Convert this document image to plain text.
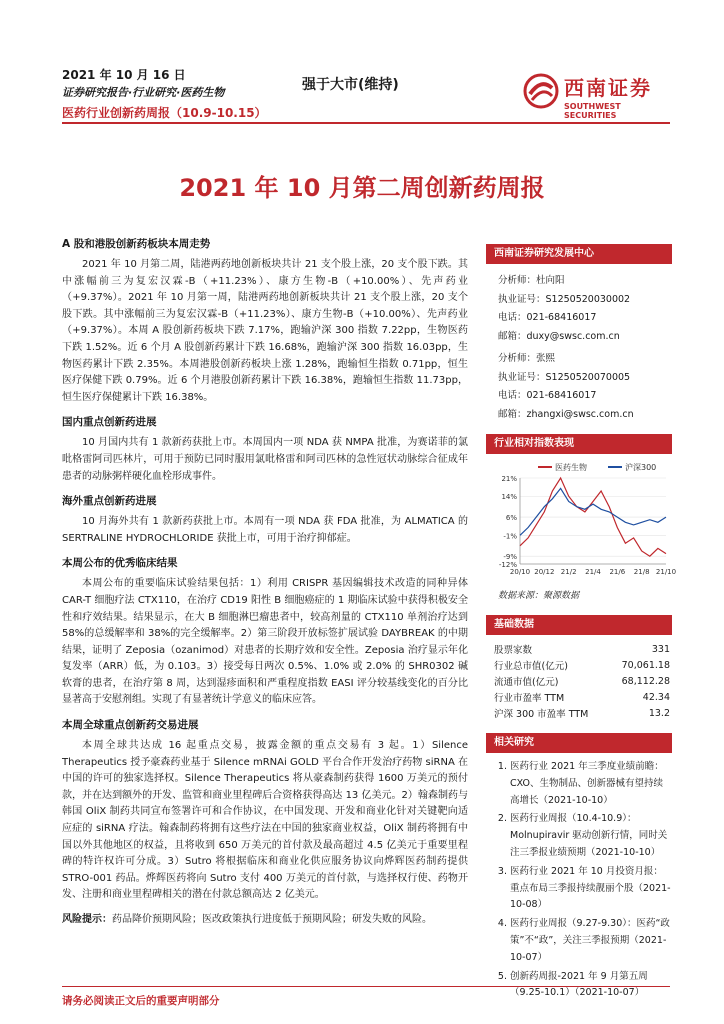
2021 年 10 月 16 日
证券研究报告·行业研究·医药生物
医药行业创新药周报（10.9-10.15）
强于大市(维持)	西南证券
SOUTHWEST SECURITIES
2021 年 10 月第二周创新药周报
A 股和港股创新药板块本周走势

2021 年 10 月第二周，陆港两药地创新板块共计 21 支个股上涨，20 支个股下跌。其中涨幅前三为复宏汉霖-B（+11.23%）、康方生物-B（+10.00%）、先声药业（+9.37%）。2021 年 10 月第一周，陆港两药地创新板块共计 21 支个股上涨，20 支个股下跌。其中涨幅前三为复宏汉霖-B（+11.23%）、康方生物-B（+10.00%）、先声药业（+9.37%）。本周 A 股创新药板块下跌 7.17%，跑输沪深 300 指数 7.22pp，生物医药下跌 1.52%。近 6 个月 A 股创新药累计下跌 16.68%，跑输沪深 300 指数 16.03pp，生物医药累计下跌 2.35%。本周港股创新药板块上涨 1.28%，跑输恒生指数 0.71pp，恒生医疗保健下跌 0.79%。近 6 个月港股创新药累计下跌 16.38%，跑输恒生指数 11.73pp，恒生医疗保健累计下跌 16.38%。

国内重点创新药进展

10 月国内共有 1 款新药获批上市。本周国内一项 NDA 获 NMPA 批准，为赛诺菲的氯吡格雷阿司匹林片，可用于预防已同时服用氯吡格雷和阿司匹林的急性冠状动脉综合征成年患者的动脉粥样硬化血栓形成事件。

海外重点创新药进展

10 月海外共有 1 款新药获批上市。本周有一项 NDA 获 FDA 批准，为 ALMATICA 的 SERTRALINE HYDROCHLORIDE 获批上市，可用于治疗抑郁症。

本周公布的优秀临床结果

本周公布的重要临床试验结果包括：1）利用 CRISPR 基因编辑技术改造的同种异体 CAR-T 细胞疗法 CTX110，在治疗 CD19 阳性 B 细胞癌症的 1 期临床试验中获得积极安全性和疗效结果。结果显示，在大 B 细胞淋巴瘤患者中，较高剂量的 CTX110 单剂治疗达到 58%的总缓解率和 38%的完全缓解率。2）第三阶段开放标签扩展试验 DAYBREAK 的中期结果，证明了 Zeposia（ozanimod）对患者的长期疗效和安全性。Zeposia 治疗显示年化复发率（ARR）低，为 0.103。3）接受每日两次 0.5%、1.0% 或 2.0% 的 SHR0302 碱软膏的患者，在治疗第 8 周，达到湿疹面积和严重程度指数 EASI 评分较基线变化的百分比显著高于安慰剂组。实现了有显著统计学意义的临床应答。

本周全球重点创新药交易进展

本周全球共达成 16 起重点交易，披露金额的重点交易有 3 起。1）Silence Therapeutics 授予豪森药业基于 Silence mRNAi GOLD 平台合作开发治疗药物 siRNA 在中国的许可的独家选择权。Silence Therapeutics 将从豪森制药获得 1600 万美元的预付款，并在达到额外的开发、监管和商业里程碑后合资格获得高达 13 亿美元。2）翰森制药与韩国 OliX 制药共同宣布签署许可和合作协议，在中国发现、开发和商业化针对关键靶向适应症的 siRNA 疗法。翰森制药将拥有这些疗法在中国的独家商业权益，OliX 制药将拥有中国以外其他地区的权益，且将收到 650 万美元的首付款及最高超过 4.5 亿美元于重要里程碑的特许权许可分成。3）Sutro 将根据临床和商业化供应服务协议向烨辉医药制药提供 STRO-001 药品。烨辉医药将向 Sutro 支付 400 万美元的首付款，与选择权行使、药物开发、注册和商业里程碑相关的潜在付款总额高达 2 亿美元。

风险提示：药品降价预期风险；医改政策执行进度低于预期风险；研发失败的风险。

西南证券研究发展中心
分析师：杜向阳
执业证号：S1250520030002
电话：021-68416017
邮箱：duxy@swsc.com.cn
分析师：张熙
执业证号：S1250520070005
电话：021-68416017
邮箱：zhangxi@swsc.com.cn
行业相对指数表现
医药生物	沪深300
21%
14%
6%
-1%
-9%
-12%
20/10 20/12 21/2 21/4 21/6 21/8 21/10
数据来源：聚源数据
基础数据
股票家数	331
行业总市值(亿元)	70,061.18
流通市值(亿元)	68,112.28
行业市盈率 TTM	42.34
沪深 300 市盈率 TTM	13.2
相关研究
1. 医药行业 2021 年三季度业绩前瞻：CXO、生物制品、创新器械有望持续高增长（2021-10-10）
2. 医药行业周报（10.4-10.9）：Molnupiravir 驱动创新行情，同时关注三季报业绩预期（2021-10-10）
3. 医药行业 2021 年 10 月投资月报：重点布局三季报持续靓丽个股（2021-10-08）
4. 医药行业周报（9.27-9.30）：医药“政策”不“政”，关注三季报预期（2021-10-07）
5. 创新药周报-2021 年 9 月第五周（9.25-10.1）（2021-10-07）
请务必阅读正文后的重要声明部分
